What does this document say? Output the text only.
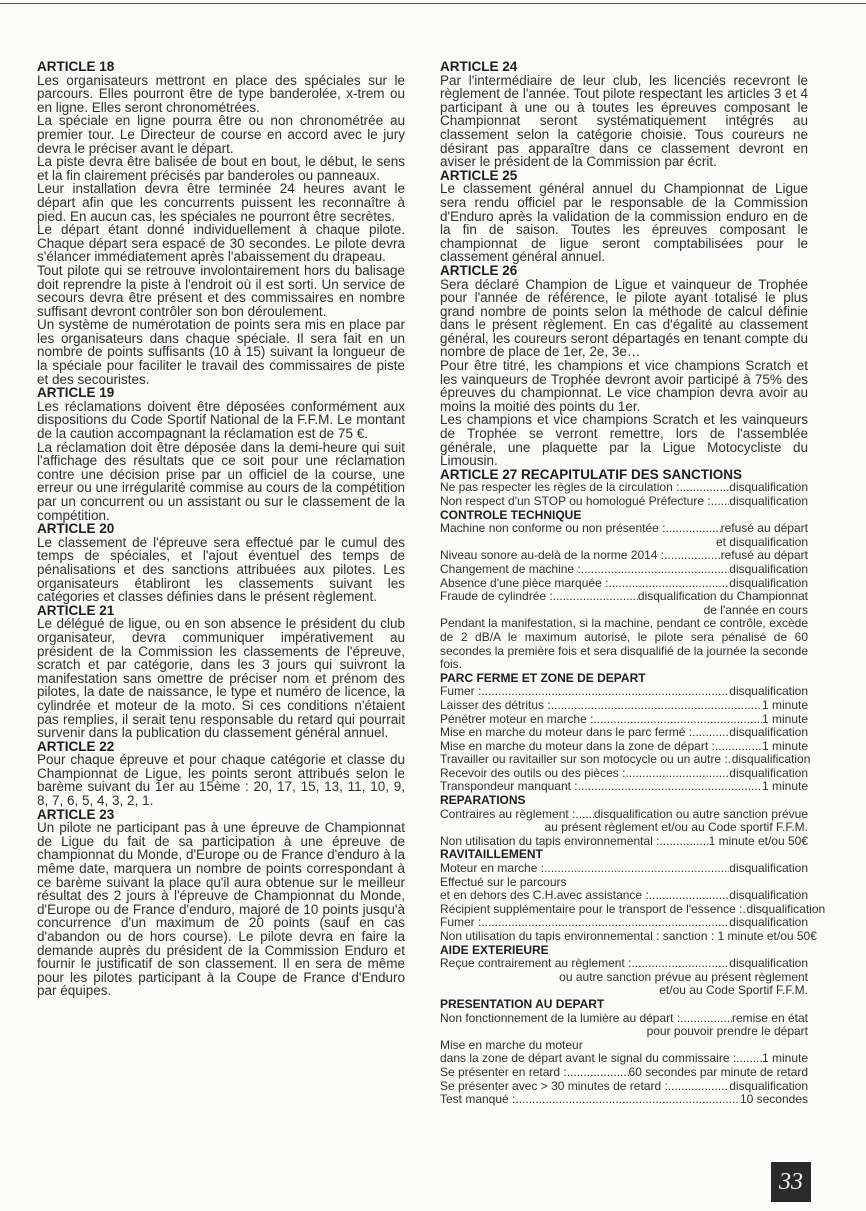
ARTICLE 18

Les organisateurs mettront en place des spéciales sur le parcours. Elles pourront être de type banderolée, x-trem ou en ligne. Elles seront chronométrées.

La spéciale en ligne pourra être ou non chronométrée au premier tour. Le Directeur de course en accord avec le jury devra le préciser avant le départ.

La piste devra être balisée de bout en bout, le début, le sens et la fin clairement précisés par banderoles ou panneaux.

Leur installation devra être terminée 24 heures avant le départ afin que les concurrents puissent les reconnaître à pied. En aucun cas, les spéciales ne pourront être secrètes.

Le départ étant donné individuellement à chaque pilote. Chaque départ sera espacé de 30 secondes. Le pilote devra s'élancer immédiatement après l'abaissement du drapeau.

Tout pilote qui se retrouve involontairement hors du balisage doit reprendre la piste à l'endroit où il est sorti. Un service de secours devra être présent et des commissaires en nombre suffisant devront contrôler son bon déroulement.

Un système de numérotation de points sera mis en place par les organisateurs dans chaque spéciale. Il sera fait en un nombre de points suffisants (10 à 15) suivant la longueur de la spéciale pour faciliter le travail des commissaires de piste et des secouristes.

ARTICLE 19

Les réclamations doivent être déposées conformément aux dispositions du Code Sportif National de la F.F.M. Le montant de la caution accompagnant la réclamation est de 75 €.

La réclamation doit être déposée dans la demi-heure qui suit l'affichage des résultats que ce soit pour une réclamation contre une décision prise par un officiel de la course, une erreur ou une irrégularité commise au cours de la compétition par un concurrent ou un assistant ou sur le classement de la compétition.

ARTICLE 20

Le classement de l'épreuve sera effectué par le cumul des temps de spéciales, et l'ajout éventuel des temps de pénalisations et des sanctions attribuées aux pilotes. Les organisateurs établiront les classements suivant les catégories et classes définies dans le présent règlement.

ARTICLE 21

Le délégué de ligue, ou en son absence le président du club organisateur, devra communiquer impérativement au président de la Commission les classements de l'épreuve, scratch et par catégorie, dans les 3 jours qui suivront la manifestation sans omettre de préciser nom et prénom des pilotes, la date de naissance, le type et numéro de licence, la cylindrée et moteur de la moto. Si ces conditions n'étaient pas remplies, il serait tenu responsable du retard qui pourrait survenir dans la publication du classement général annuel.

ARTICLE 22

Pour chaque épreuve et pour chaque catégorie et classe du Championnat de Ligue, les points seront attribués selon le barème suivant du 1er au 15ème : 20, 17, 15, 13, 11, 10, 9, 8, 7, 6, 5, 4, 3, 2, 1.

ARTICLE 23

Un pilote ne participant pas à une épreuve de Championnat de Ligue du fait de sa participation à une épreuve de championnat du Monde, d'Europe ou de France d'enduro à la même date, marquera un nombre de points correspondant à ce barème suivant la place qu'il aura obtenue sur le meilleur résultat des 2 jours à l'épreuve de Championnat du Monde, d'Europe ou de France d'enduro, majoré de 10 points jusqu'à concurrence d'un maximum de 20 points (sauf en cas d'abandon ou de hors course). Le pilote devra en faire la demande auprès du président de la Commission Enduro et fournir le justificatif de son classement. Il en sera de même pour les pilotes participant à la Coupe de France d'Enduro par équipes.

ARTICLE 24

Par l'intermédiaire de leur club, les licenciés recevront le règlement de l'année. Tout pilote respectant les articles 3 et 4 participant à une ou à toutes les épreuves composant le Championnat seront systématiquement intégrés au classement selon la catégorie choisie. Tous coureurs ne désirant pas apparaître dans ce classement devront en aviser le président de la Commission par écrit.

ARTICLE 25

Le classement général annuel du Championnat de Ligue sera rendu officiel par le responsable de la Commission d'Enduro après la validation de la commission enduro en de la fin de saison. Toutes les épreuves composant le championnat de ligue seront comptabilisées pour le classement général annuel.

ARTICLE 26

Sera déclaré Champion de Ligue et vainqueur de Trophée pour l'année de référence, le pilote ayant totalisé le plus grand nombre de points selon la méthode de calcul définie dans le présent règlement. En cas d'égalité au classement général, les coureurs seront départagés en tenant compte du nombre de place de 1er, 2e, 3e…

Pour être titré, les champions et vice champions Scratch et les vainqueurs de Trophée devront avoir participé à 75% des épreuves du championnat. Le vice champion devra avoir au moins la moitié des points du 1er.

Les champions et vice champions Scratch et les vainqueurs de Trophée se verront remettre, lors de l'assemblée générale, une plaquette par la Ligue Motocycliste du Limousin.

ARTICLE 27 RECAPITULATIF DES SANCTIONS
Ne pas respecter les règles de la circulation : .....	disqualification
Non respect d'un STOP ou homologué Préfecture : ..... disqualification
CONTROLE TECHNIQUE
Machine non conforme ou non présentée : .....	refusé au départ

et disqualification

Niveau sonore au-delà de la norme 2014 : .....	refusé au départ
Changement de machine : .....	disqualification
Absence d'une pièce marquée : .....	disqualification
Fraude de cylindrée : .....	disqualification du Championnat

de l'année en cours

Pendant la manifestation, si la machine, pendant ce contrôle, excède de 2 dB/A le maximum autorisé, le pilote sera pénalisé de 60 secondes la première fois et sera disqualifié de la journée la seconde fois.

PARC FERME ET ZONE DE DEPART
Fumer : .....	disqualification
Laisser des détritus : .....	1 minute
Pénétrer moteur en marche : .....	1 minute
Mise en marche du moteur dans le parc fermé : .....	disqualification
Mise en marche du moteur dans la zone de départ : .....	1 minute
Travailler ou ravitailler sur son motocycle ou un autre : ..... disqualification
Recevoir des outils ou des pièces : .....	disqualification
Transpondeur manquant : .....	1 minute
REPARATIONS
Contraires au règlement : ..... disqualification ou autre sanction prévue

au présent règlement et/ou au Code sportif F.F.M.

Non utilisation du tapis environnemental : .....	1 minute et/ou 50€
RAVITAILLEMENT
Moteur en marche : .....	disqualification
Effectué sur le parcours
et en dehors des C.H.avec assistance : .....	disqualification
Récipient supplémentaire pour le transport de l'essence : ..... disqualification
Fumer : .....	disqualification
Non utilisation du tapis environnemental : sanction : 1 minute et/ou 50€
AIDE EXTERIEURE
Reçue contrairement au règlement : .....	disqualification

ou autre sanction prévue au présent règlement

et/ou au Code Sportif F.F.M.

PRESENTATION AU DEPART
Non fonctionnement de la lumière au départ : .....	remise en état

pour pouvoir prendre le départ

Mise en marche du moteur
dans la zone de départ avant le signal du commissaire : ..... 1 minute
Se présenter en retard : .....	60 secondes par minute de retard
Se présenter avec > 30 minutes de retard : .....	disqualification
Test manqué : .....	10 secondes
33
